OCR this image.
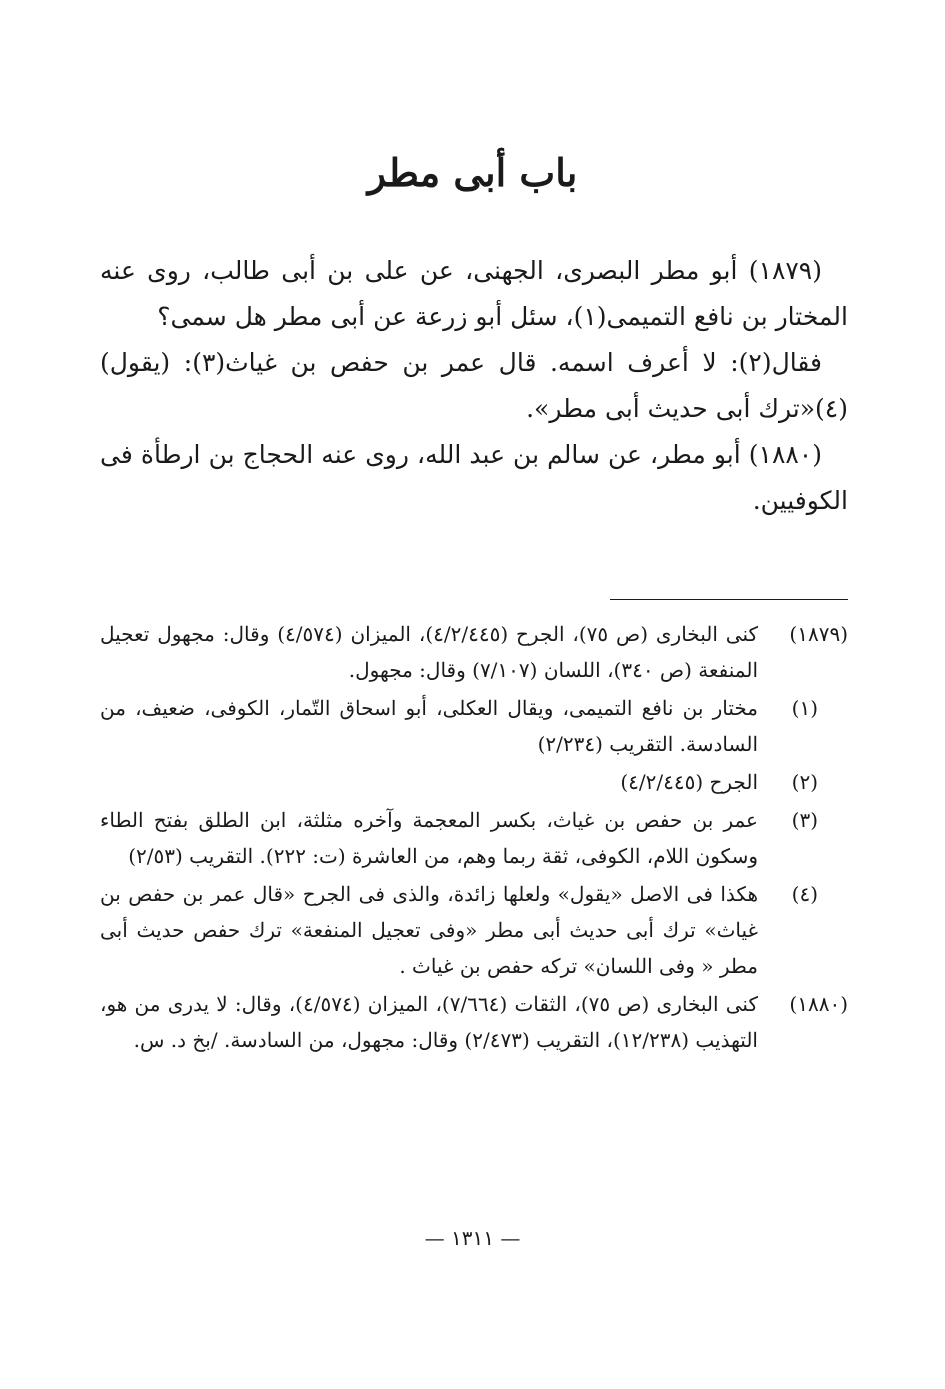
باب أبى مطر

(١٨٧٩) أبو مطر البصرى، الجهنى، عن على بن أبى طالب، روى عنه المختار بن نافع التميمى(١)، سئل أبو زرعة عن أبى مطر هل سمى؟

فقال(٢): لا أعرف اسمه. قال عمر بن حفص بن غياث(٣): (يقول) (٤)«ترك أبى حديث أبى مطر».

(١٨٨٠) أبو مطر، عن سالم بن عبد الله، روى عنه الحجاج بن ارطأة فى الكوفيين.

(١٨٧٩)
كنى البخارى (ص ٧٥)، الجرح (٤/٢/٤٤٥)، الميزان (٤/٥٧٤) وقال: مجهول تعجيل المنفعة (ص ٣٤٠)، اللسان (٧/١٠٧) وقال: مجهول.
(١)
مختار بن نافع التميمى، ويقال العكلى، أبو اسحاق التّمار، الكوفى، ضعيف، من السادسة. التقريب (٢/٢٣٤)
(٢)
الجرح (٤/٢/٤٤٥)
(٣)
عمر بن حفص بن غياث، بكسر المعجمة وآخره مثلثة، ابن الطلق بفتح الطاء وسكون اللام، الكوفى، ثقة ربما وهم، من العاشرة (ت: ٢٢٢). التقريب (٢/٥٣)
(٤)
هكذا فى الاصل «يقول» ولعلها زائدة، والذى فى الجرح «قال عمر بن حفص بن غياث» ترك أبى حديث أبى مطر «وفى تعجيل المنفعة» ترك حفص حديث أبى مطر « وفى اللسان» تركه حفص بن غياث .
(١٨٨٠)
كنى البخارى (ص ٧٥)، الثقات (٧/٦٦٤)، الميزان (٤/٥٧٤)، وقال: لا يدرى من هو، التهذيب (١٢/٢٣٨)، التقريب (٢/٤٧٣) وقال: مجهول، من السادسة. /بخ د. س.
— ١٣١١ —
